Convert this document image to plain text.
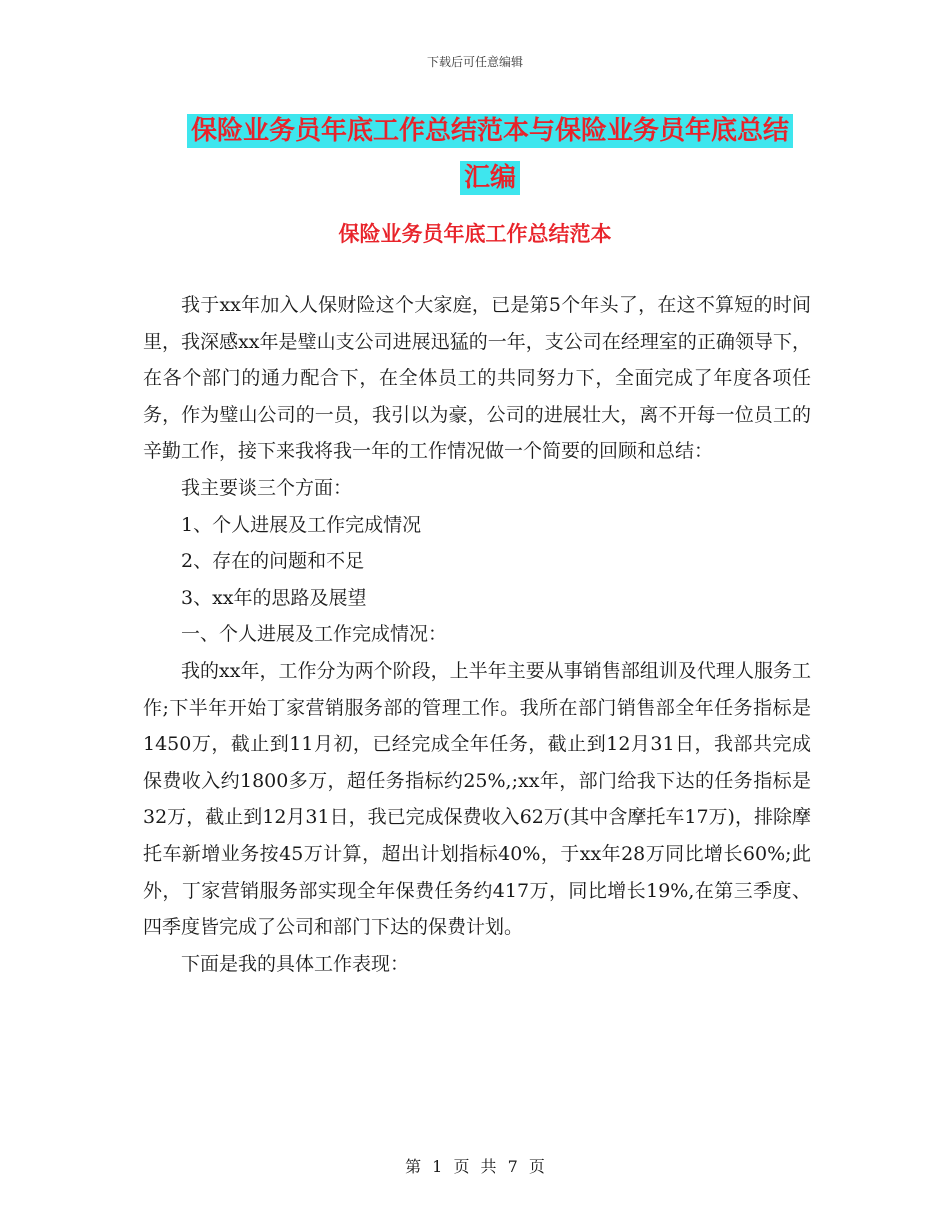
下载后可任意编辑
保险业务员年底工作总结范本与保险业务员年底总结
汇编
保险业务员年底工作总结范本

我于xx年加入人保财险这个大家庭，已是第5个年头了，在这不算短的时间里，我深感xx年是璧山支公司进展迅猛的一年，支公司在经理室的正确领导下，在各个部门的通力配合下，在全体员工的共同努力下，全面完成了年度各项任务，作为璧山公司的一员，我引以为豪，公司的进展壮大，离不开每一位员工的辛勤工作，接下来我将我一年的工作情况做一个简要的回顾和总结：

我主要谈三个方面：

1、个人进展及工作完成情况

2、存在的问题和不足

3、xx年的思路及展望

一、个人进展及工作完成情况：

我的xx年，工作分为两个阶段，上半年主要从事销售部组训及代理人服务工作;下半年开始丁家营销服务部的管理工作。我所在部门销售部全年任务指标是1450万，截止到11月初，已经完成全年任务，截止到12月31日，我部共完成保费收入约1800多万，超任务指标约25%,;xx年，部门给我下达的任务指标是32万，截止到12月31日，我已完成保费收入62万(其中含摩托车17万)，排除摩托车新增业务按45万计算，超出计划指标40%，于xx年28万同比增长60%;此外，丁家营销服务部实现全年保费任务约417万，同比增长19%,在第三季度、四季度皆完成了公司和部门下达的保费计划。

下面是我的具体工作表现：

第 1 页 共 7 页
